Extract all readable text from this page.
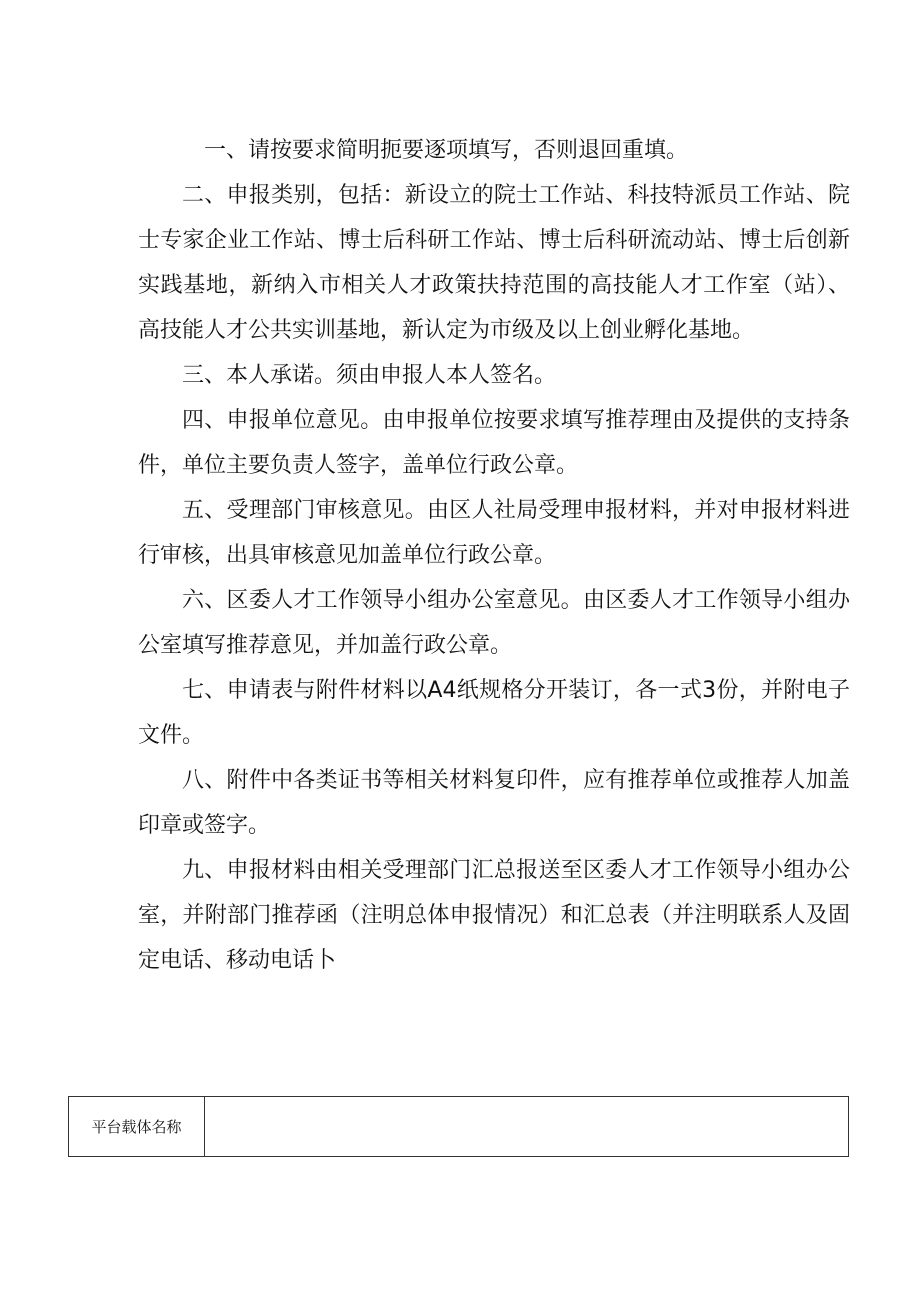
一、请按要求简明扼要逐项填写，否则退回重填。

二、申报类别，包括：新设立的院士工作站、科技特派员工作站、院士专家企业工作站、博士后科研工作站、博士后科研流动站、博士后创新实践基地，新纳入市相关人才政策扶持范围的高技能人才工作室（站）、高技能人才公共实训基地，新认定为市级及以上创业孵化基地。

三、本人承诺。须由申报人本人签名。

四、申报单位意见。由申报单位按要求填写推荐理由及提供的支持条件，单位主要负责人签字，盖单位行政公章。

五、受理部门审核意见。由区人社局受理申报材料，并对申报材料进行审核，出具审核意见加盖单位行政公章。

六、区委人才工作领导小组办公室意见。由区委人才工作领导小组办公室填写推荐意见，并加盖行政公章。

七、申请表与附件材料以A4纸规格分开装订，各一式3份，并附电子文件。

八、附件中各类证书等相关材料复印件，应有推荐单位或推荐人加盖印章或签字。

九、申报材料由相关受理部门汇总报送至区委人才工作领导小组办公室，并附部门推荐函（注明总体申报情况）和汇总表（并注明联系人及固定电话、移动电话卜

平台载体名称	
